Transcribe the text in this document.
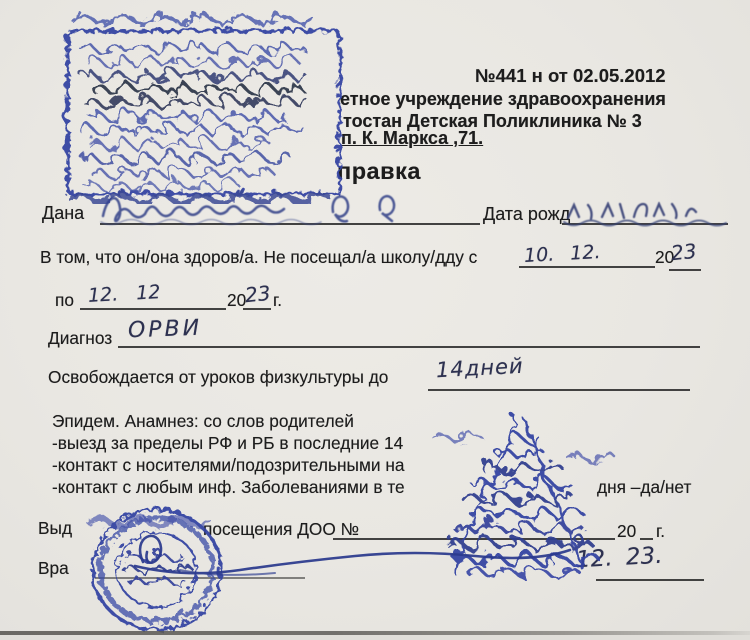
№441 н от 02.05.2012
етное учреждение здравоохранения
тостан Детская Поликлиника № 3
п. К. Маркса ,71.
правка
Дана	Дата рожд
В том, что он/она здоров/а. Не посещал/а школу/дду с 10. 12.	20
23
по 12. 12	20
23 г.
Диагноз ОРВИ
Освобождается от уроков физкультуры до 14дней
Эпидем. Анамнез: со слов родителей
-выезд за пределы РФ и РБ в последние 14
-контакт с носителями/подозрительными на
-контакт с любым инф. Заболеваниями в те	дня –да/нет
Выд	посещения ДОО №	20 г.
Вра	12. 23.
